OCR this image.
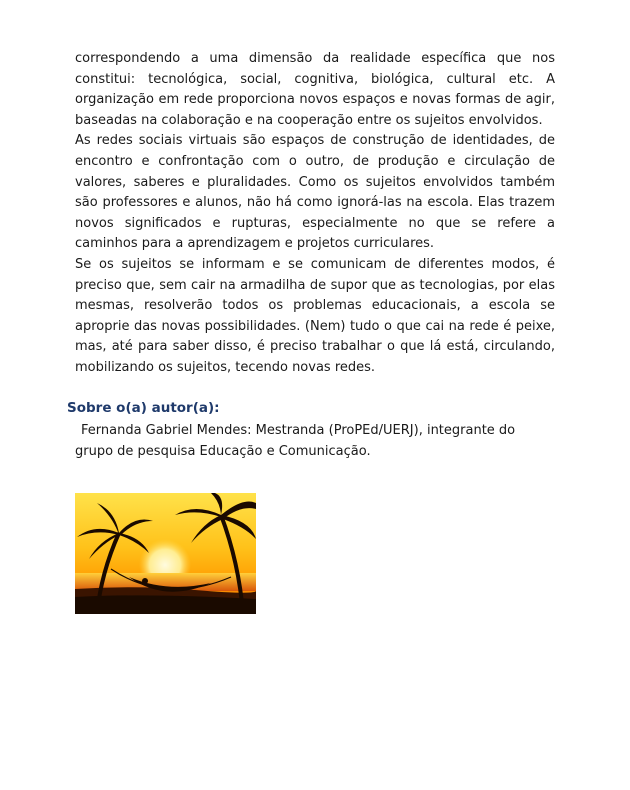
correspondendo a uma dimensão da realidade específica que nos constitui: tecnológica, social, cognitiva, biológica, cultural etc. A organização em rede proporciona novos espaços e novas formas de agir, baseadas na colaboração e na cooperação entre os sujeitos envolvidos.

As redes sociais virtuais são espaços de construção de identidades, de encontro e confrontação com o outro, de produção e circulação de valores, saberes e pluralidades. Como os sujeitos envolvidos também são professores e alunos, não há como ignorá-las na escola. Elas trazem novos significados e rupturas, especialmente no que se refere a caminhos para a aprendizagem e projetos curriculares.

Se os sujeitos se informam e se comunicam de diferentes modos, é preciso que, sem cair na armadilha de supor que as tecnologias, por elas mesmas, resolverão todos os problemas educacionais, a escola se aproprie das novas possibilidades. (Nem) tudo o que cai na rede é peixe, mas, até para saber disso, é preciso trabalhar o que lá está, circulando, mobilizando os sujeitos, tecendo novas redes.

Sobre o(a) autor(a):

Fernanda Gabriel Mendes: Mestranda (ProPEd/UERJ), integrante do grupo de pesquisa Educação e Comunicação.
